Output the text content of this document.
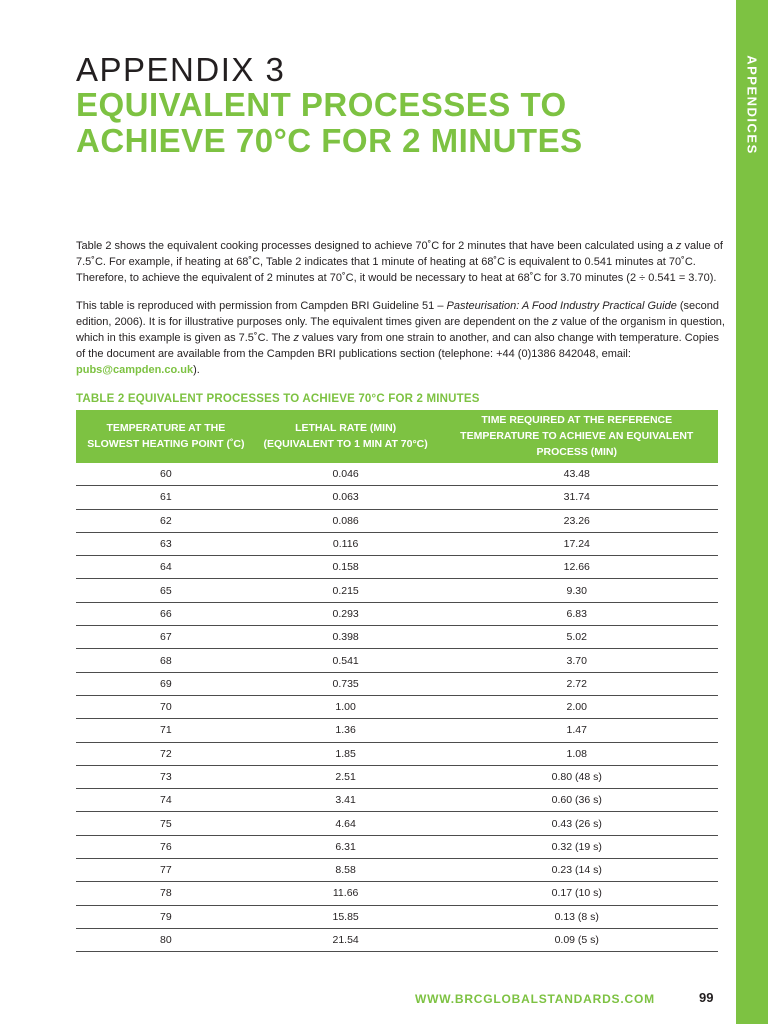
APPENDICES
APPENDIX 3
EQUIVALENT PROCESSES TO ACHIEVE 70°C FOR 2 MINUTES

Table 2 shows the equivalent cooking processes designed to achieve 70˚C for 2 minutes that have been calculated using a z value of 7.5˚C. For example, if heating at 68˚C, Table 2 indicates that 1 minute of heating at 68˚C is equivalent to 0.541 minutes at 70˚C. Therefore, to achieve the equivalent of 2 minutes at 70˚C, it would be necessary to heat at 68˚C for 3.70 minutes (2 ÷ 0.541 = 3.70).

This table is reproduced with permission from Campden BRI Guideline 51 – Pasteurisation: A Food Industry Practical Guide (second edition, 2006). It is for illustrative purposes only. The equivalent times given are dependent on the z value of the organism in question, which in this example is given as 7.5˚C. The z values vary from one strain to another, and can also change with temperature. Copies of the document are available from the Campden BRI publications section (telephone: +44 (0)1386 842048, email: pubs@campden.co.uk).

TABLE 2 EQUIVALENT PROCESSES TO ACHIEVE 70°C FOR 2 MINUTES
TEMPERATURE AT THE SLOWEST HEATING POINT (˚C)	LETHAL RATE (MIN) (EQUIVALENT TO 1 MIN AT 70°C)	TIME REQUIRED AT THE REFERENCE TEMPERATURE TO ACHIEVE AN EQUIVALENT PROCESS (MIN)
60	0.046	43.48
61	0.063	31.74
62	0.086	23.26
63	0.116	17.24
64	0.158	12.66
65	0.215	9.30
66	0.293	6.83
67	0.398	5.02
68	0.541	3.70
69	0.735	2.72
70	1.00	2.00
71	1.36	1.47
72	1.85	1.08
73	2.51	0.80 (48 s)
74	3.41	0.60 (36 s)
75	4.64	0.43 (26 s)
76	6.31	0.32 (19 s)
77	8.58	0.23 (14 s)
78	11.66	0.17 (10 s)
79	15.85	0.13 (8 s)
80	21.54	0.09 (5 s)
WWW.BRCGLOBALSTANDARDS.COM	99
